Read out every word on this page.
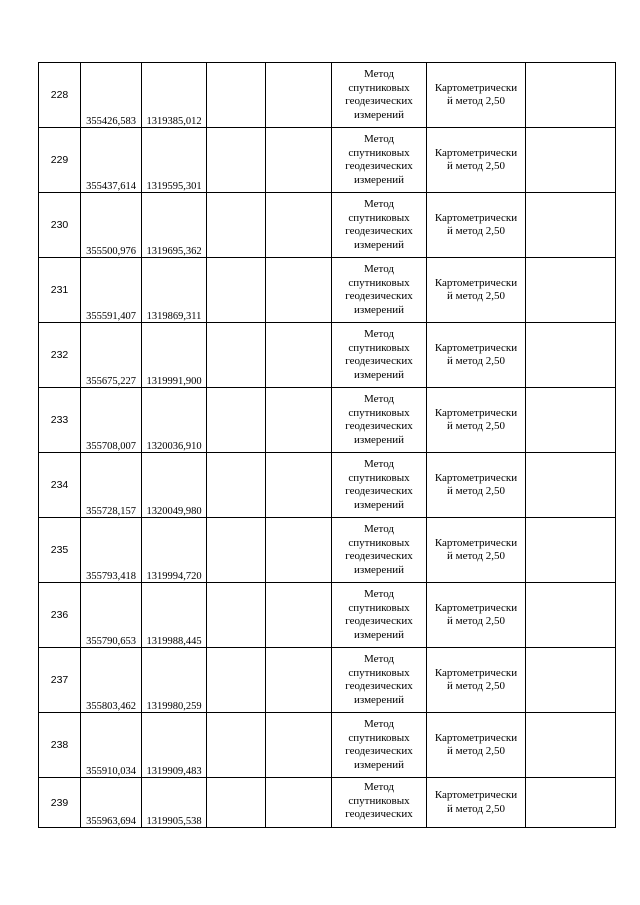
228	355426,583	1319385,012			Метод
спутниковых
геодезических
измерений	Картометрически
й метод 2,50	

229	355437,614	1319595,301			Метод
спутниковых
геодезических
измерений	Картометрически
й метод 2,50	

230	355500,976	1319695,362			Метод
спутниковых
геодезических
измерений	Картометрически
й метод 2,50	

231	355591,407	1319869,311			Метод
спутниковых
геодезических
измерений	Картометрически
й метод 2,50	

232	355675,227	1319991,900			Метод
спутниковых
геодезических
измерений	Картометрически
й метод 2,50	

233	355708,007	1320036,910			Метод
спутниковых
геодезических
измерений	Картометрически
й метод 2,50	

234	355728,157	1320049,980			Метод
спутниковых
геодезических
измерений	Картометрически
й метод 2,50	

235	355793,418	1319994,720			Метод
спутниковых
геодезических
измерений	Картометрически
й метод 2,50	

236	355790,653	1319988,445			Метод
спутниковых
геодезических
измерений	Картометрически
й метод 2,50	

237	355803,462	1319980,259			Метод
спутниковых
геодезических
измерений	Картометрически
й метод 2,50	

238	355910,034	1319909,483			Метод
спутниковых
геодезических
измерений	Картометрически
й метод 2,50	

239	355963,694	1319905,538			Метод
спутниковых
геодезических	Картометрически
й метод 2,50	
